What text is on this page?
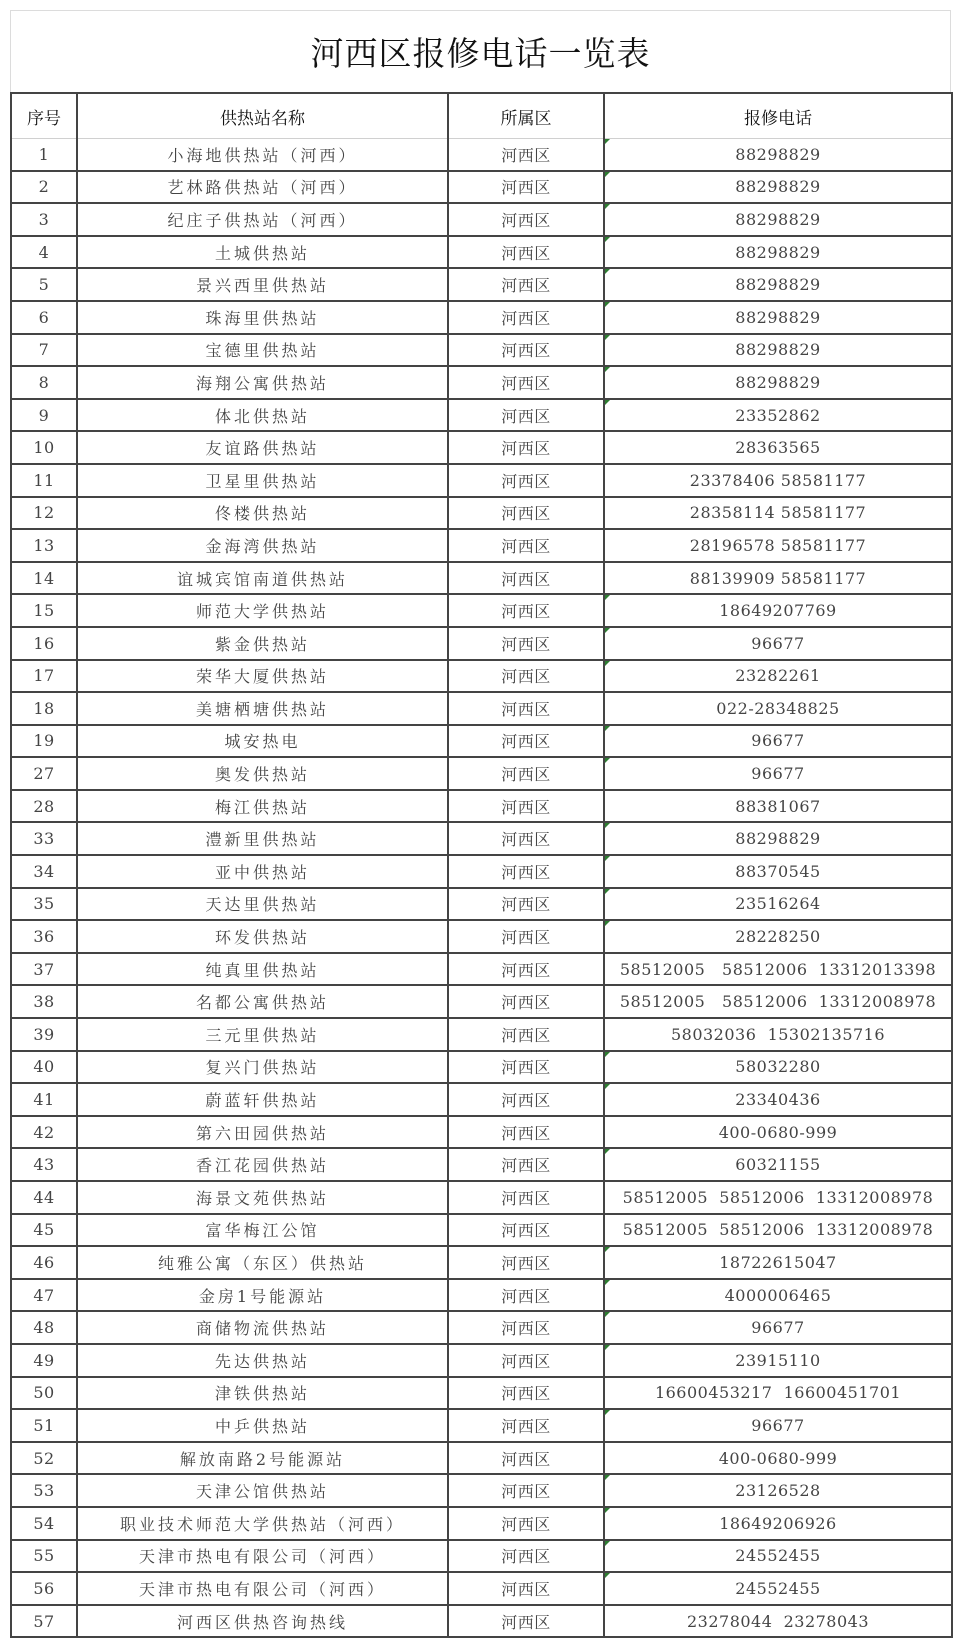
河西区报修电话一览表
序号	供热站名称	所属区	报修电话
1	小海地供热站（河西）	河西区	88298829
2	艺林路供热站（河西）	河西区	88298829
3	纪庄子供热站（河西）	河西区	88298829
4	土城供热站	河西区	88298829
5	景兴西里供热站	河西区	88298829
6	珠海里供热站	河西区	88298829
7	宝德里供热站	河西区	88298829
8	海翔公寓供热站	河西区	88298829
9	体北供热站	河西区	23352862
10	友谊路供热站	河西区	28363565
11	卫星里供热站	河西区	23378406 58581177
12	佟楼供热站	河西区	28358114 58581177
13	金海湾供热站	河西区	28196578 58581177
14	谊城宾馆南道供热站	河西区	88139909 58581177
15	师范大学供热站	河西区	18649207769
16	紫金供热站	河西区	96677
17	荣华大厦供热站	河西区	23282261
18	美塘栖塘供热站	河西区	022-28348825
19	城安热电	河西区	96677
27	奥发供热站	河西区	96677
28	梅江供热站	河西区	88381067
33	澧新里供热站	河西区	88298829
34	亚中供热站	河西区	88370545
35	天达里供热站	河西区	23516264
36	环发供热站	河西区	28228250
37	纯真里供热站	河西区	58512005   58512006  13312013398
38	名都公寓供热站	河西区	58512005   58512006  13312008978
39	三元里供热站	河西区	58032036  15302135716
40	复兴门供热站	河西区	58032280
41	蔚蓝轩供热站	河西区	23340436
42	第六田园供热站	河西区	400-0680-999
43	香江花园供热站	河西区	60321155
44	海景文苑供热站	河西区	58512005  58512006  13312008978
45	富华梅江公馆	河西区	58512005  58512006  13312008978
46	纯雅公寓（东区）供热站	河西区	18722615047
47	金房1号能源站	河西区	4000006465
48	商储物流供热站	河西区	96677
49	先达供热站	河西区	23915110
50	津铁供热站	河西区	16600453217  16600451701
51	中乒供热站	河西区	96677
52	解放南路2号能源站	河西区	400-0680-999
53	天津公馆供热站	河西区	23126528
54	职业技术师范大学供热站（河西）	河西区	18649206926
55	天津市热电有限公司（河西）	河西区	24552455
56	天津市热电有限公司（河西）	河西区	24552455
57	河西区供热咨询热线	河西区	23278044  23278043
